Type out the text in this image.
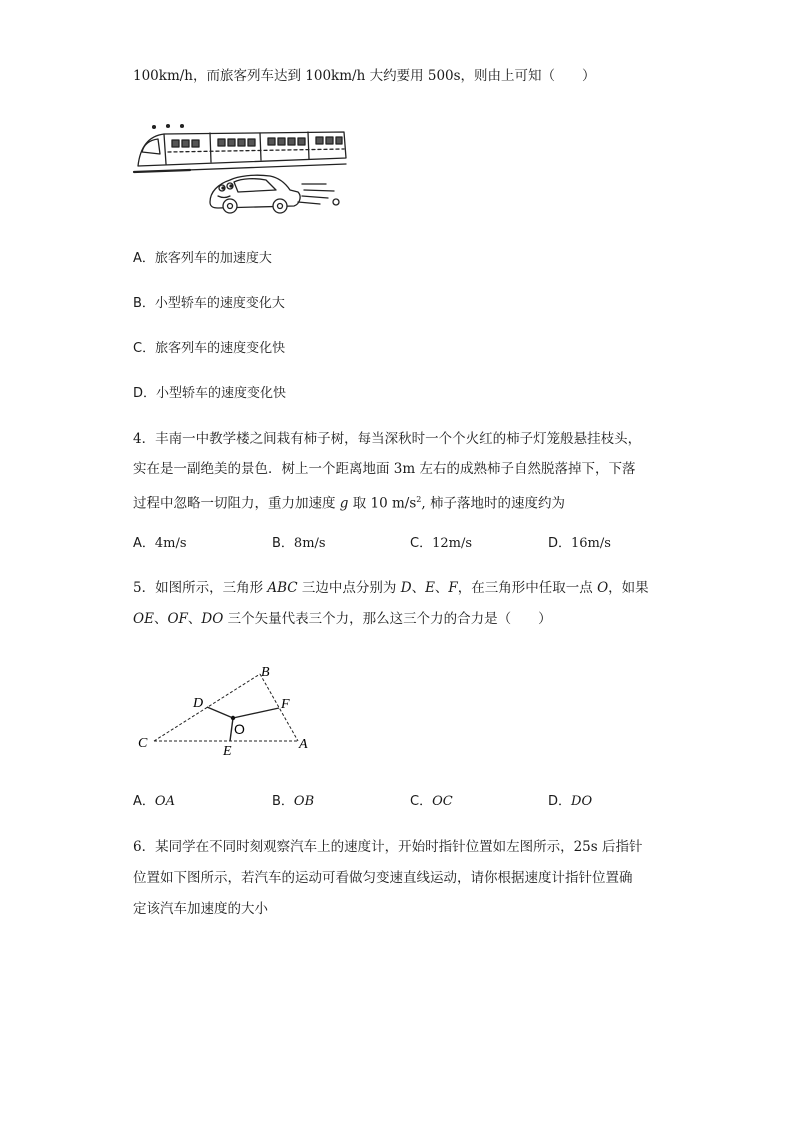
100km/h，而旅客列车达到 100km/h 大约要用 500s，则由上可知（　　）
A．旅客列车的加速度大
B．小型轿车的速度变化大
C．旅客列车的速度变化快
D．小型轿车的速度变化快
4．丰南一中教学楼之间栽有柿子树，每当深秋时一个个火红的柿子灯笼般悬挂枝头，
实在是一副绝美的景色．树上一个距离地面 3m 左右的成熟柿子自然脱落掉下，下落
过程中忽略一切阻力，重力加速度 g 取 10 $m/s^2$, 柿子落地时的速度约为
A．4m/s	B．8m/s	C．12m/s	D．16m/s
5．如图所示，三角形 ABC 三边中点分别为 D、E、F，在三角形中任取一点 O，如果
OE、OF、DO 三个矢量代表三个力，那么这三个力的合力是（　　）
B
D	F
O
C
E	A
A．OA	B．OB	C．OC	D．DO
6．某同学在不同时刻观察汽车上的速度计，开始时指针位置如左图所示，25s 后指针
位置如下图所示，若汽车的运动可看做匀变速直线运动，请你根据速度计指针位置确
定该汽车加速度的大小
